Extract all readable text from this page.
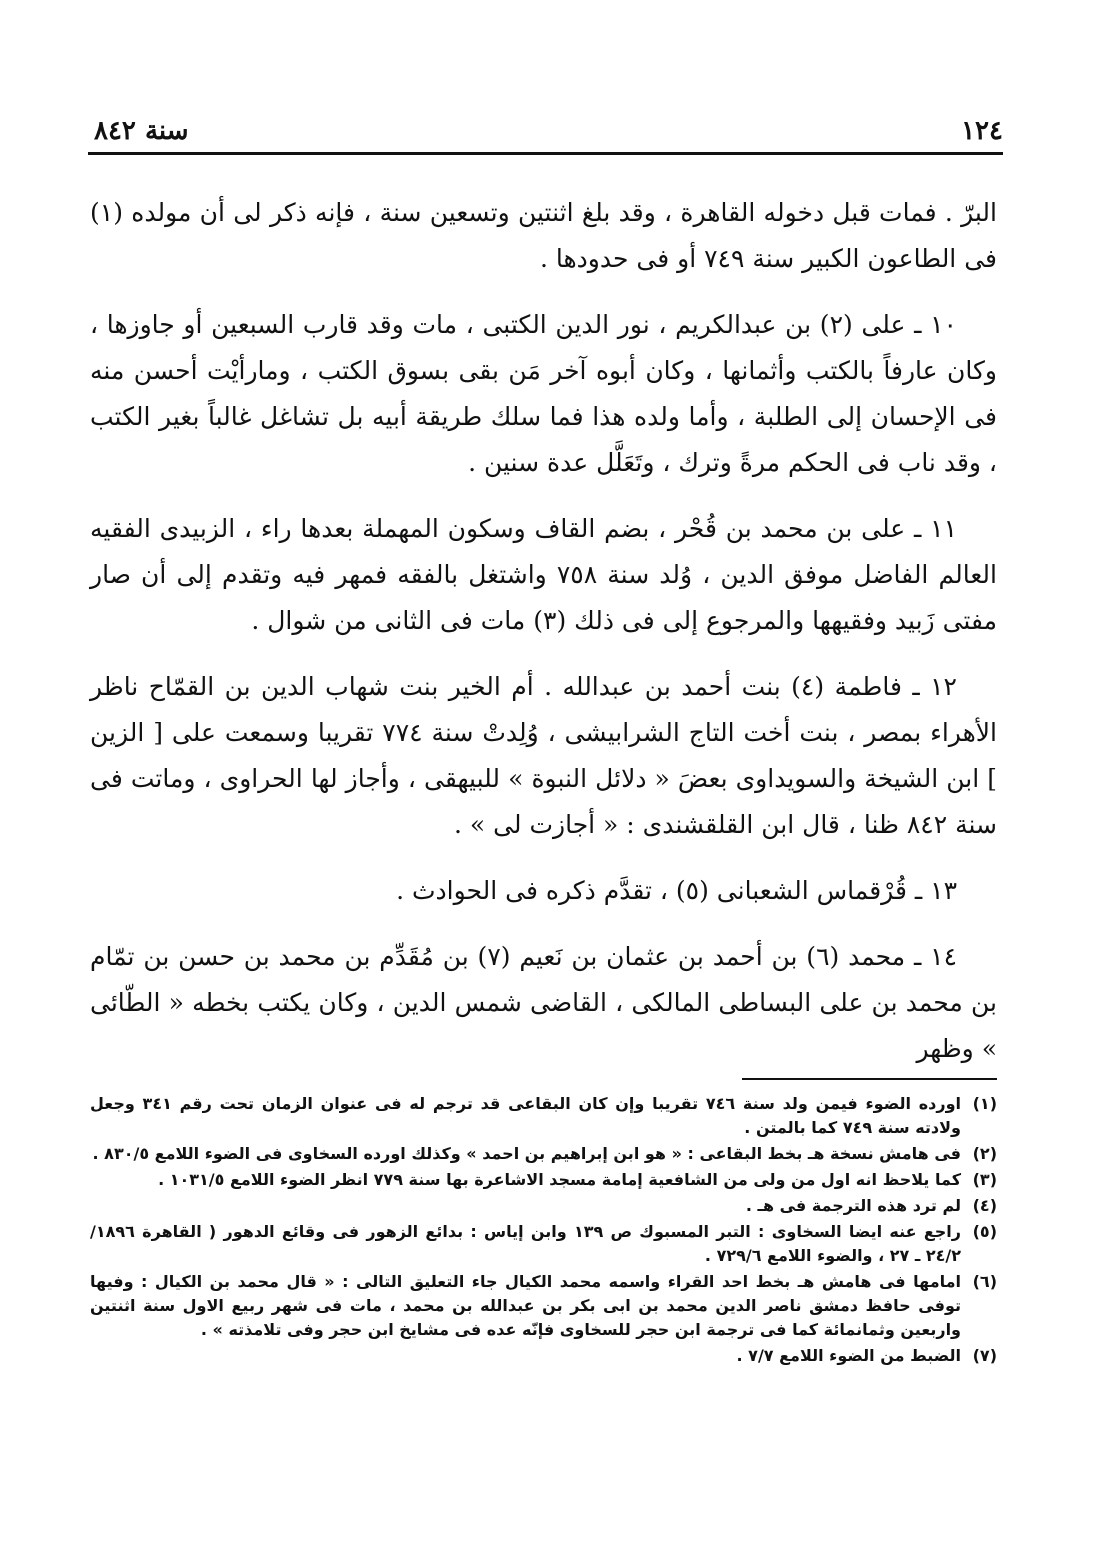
١٢٤
سنة ٨٤٢

البرّ . فمات قبل دخوله القاهرة ، وقد بلغ اثنتين وتسعين سنة ، فإنه ذكر لى أن مولده (١) فى الطاعون الكبير سنة ٧٤٩ أو فى حدودها .

١٠ ـ على (٢) بن عبدالكريم ، نور الدين الكتبى ، مات وقد قارب السبعين أو جاوزها ، وكان عارفاً بالكتب وأثمانها ، وكان أبوه آخر مَن بقى بسوق الكتب ، ومارأيْت أحسن منه فى الإحسان إلى الطلبة ، وأما ولده هذا فما سلك طريقة أبيه بل تشاغل غالباً بغير الكتب ، وقد ناب فى الحكم مرةً وترك ، وتَعَلَّل عدة سنين .

١١ ـ على بن محمد بن قُحْر ، بضم القاف وسكون المهملة بعدها راء ، الزبيدى الفقيه العالم الفاضل موفق الدين ، وُلد سنة ٧٥٨ واشتغل بالفقه فمهر فيه وتقدم إلى أن صار مفتى زَبيد وفقيهها والمرجوع إلى فى ذلك (٣) مات فى الثانى من شوال .

١٢ ـ فاطمة (٤) بنت أحمد بن عبدالله . أم الخير بنت شهاب الدين بن القمّاح ناظر الأهراء بمصر ، بنت أخت التاج الشرابيشى ، وُلِدتْ سنة ٧٧٤ تقريبا وسمعت على [ الزين ] ابن الشيخة والسويداوى بعضَ « دلائل النبوة » للبيهقى ، وأجاز لها الحراوى ، وماتت فى سنة ٨٤٢ ظنا ، قال ابن القلقشندى : « أجازت لى » .

١٣ ـ قُرْقماس الشعبانى (٥) ، تقدَّم ذكره فى الحوادث .

١٤ ـ محمد (٦) بن أحمد بن عثمان بن نَعيم (٧) بن مُقَدِّم بن محمد بن حسن بن تمّام بن محمد بن على البساطى المالكى ، القاضى شمس الدين ، وكان يكتب بخطه « الطّائى » وظهر

(١)
اورده الضوء فيمن ولد سنة ٧٤٦ تقريبا وإن كان البقاعى قد ترجم له فى عنوان الزمان تحت رقم ٣٤١ وجعل ولادته سنة ٧٤٩ كما بالمتن .
(٢)
فى هامش نسخة هـ بخط البقاعى : « هو ابن إبراهيم بن احمد » وكذلك اورده السخاوى فى الضوء اللامع ٨٣٠/٥ .
(٣)
كما يلاحظ انه اول من ولى من الشافعية إمامة مسجد الاشاعرة بها سنة ٧٧٩ انظر الضوء اللامع ١٠٣١/٥ .
(٤)
لم ترد هذه الترجمة فى هـ .
(٥)
راجع عنه ايضا السخاوى : التبر المسبوك ص ١٣٩ وابن إياس : بدائع الزهور فى وقائع الدهور ( القاهرة ١٨٩٦/ ٢٤/٢ ـ ٢٧ ، والضوء اللامع ٧٢٩/٦ .
(٦)
امامها فى هامش هـ بخط احد القراء واسمه محمد الكيال جاء التعليق التالى : « قال محمد بن الكيال : وفيها توفى حافظ دمشق ناصر الدين محمد بن ابى بكر بن عبدالله بن محمد ، مات فى شهر ربيع الاول سنة اثنتين واربعين وثمانمائة كما فى ترجمة ابن حجر للسخاوى فإنّه عده فى مشايخ ابن حجر وفى تلامذته » .
(٧)
الضبط من الضوء اللامع ٧/٧ .
